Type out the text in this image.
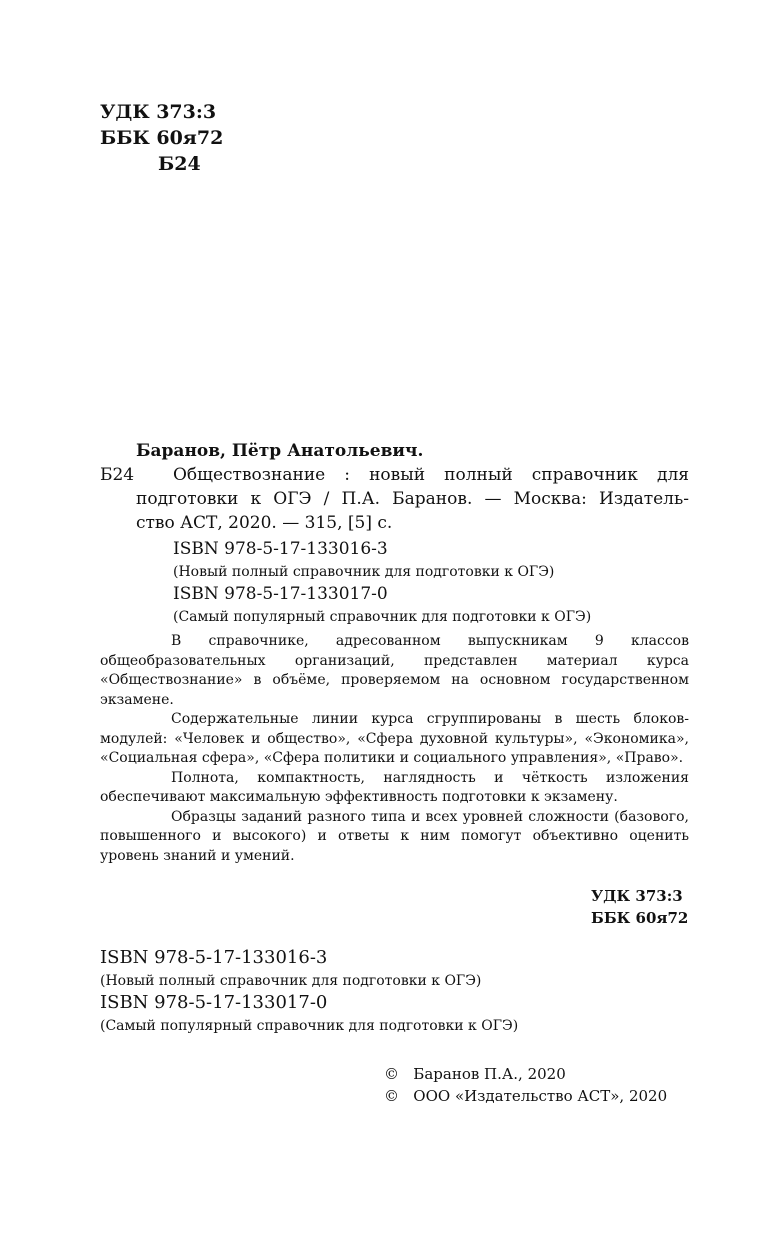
УДК 373:3
ББК 60я72
Б24
Баранов, Пётр Анатольевич.
Б24 Обществознание : новый полный справочник для
подготовки к ОГЭ / П.А. Баранов. — Москва: Издатель-
ство АСТ, 2020. — 315, [5] с.
ISBN 978-5-17-133016-3
(Новый полный справочник для подготовки к ОГЭ)
ISBN 978-5-17-133017-0
(Самый популярный справочник для подготовки к ОГЭ)

В справочнике, адресованном выпускникам 9 классов общеобразовательных организаций, представлен материал курса «Обществознание» в объёме, проверяемом на основном государственном экзамене.

Содержательные линии курса сгруппированы в шесть блоков-модулей: «Человек и общество», «Сфера духовной культуры», «Экономика», «Социальная сфера», «Сфера политики и социального управления», «Право».

Полнота, компактность, наглядность и чёткость изложения обеспечивают максимальную эффективность подготовки к экзамену.

Образцы заданий разного типа и всех уровней сложности (базового, повышенного и высокого) и ответы к ним помогут объективно оценить уровень знаний и умений.

УДК 373:3
ББК 60я72
ISBN 978-5-17-133016-3
(Новый полный справочник для подготовки к ОГЭ)
ISBN 978-5-17-133017-0
(Самый популярный справочник для подготовки к ОГЭ)
©   Баранов П.А., 2020
©   ООО «Издательство АСТ», 2020
